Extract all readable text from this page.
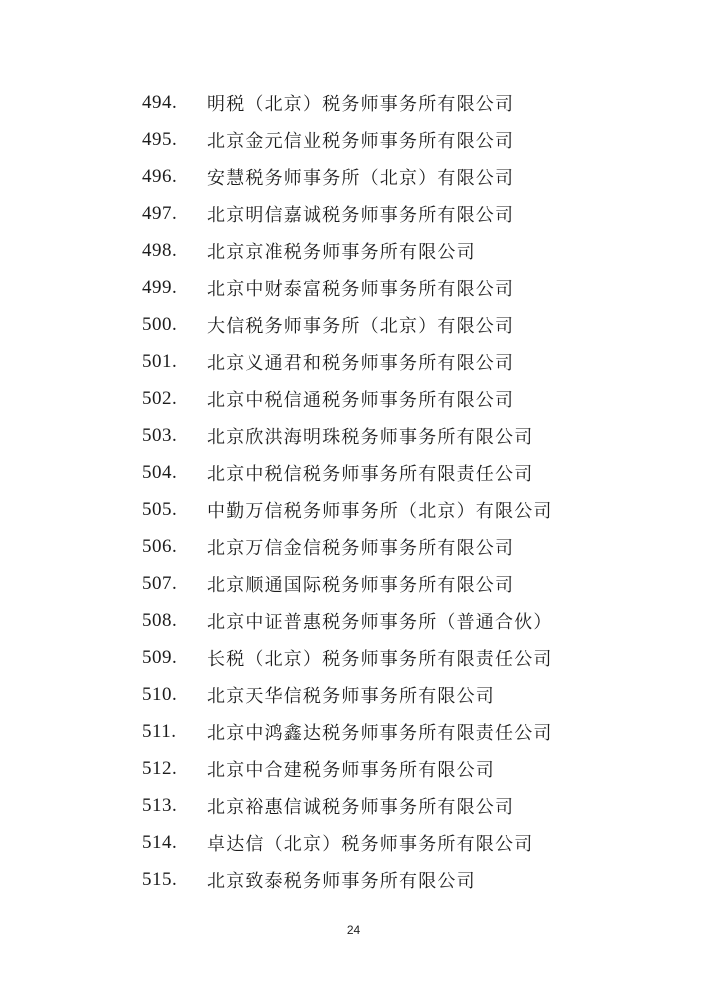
494.	明税（北京）税务师事务所有限公司
495.	北京金元信业税务师事务所有限公司
496.	安慧税务师事务所（北京）有限公司
497.	北京明信嘉诚税务师事务所有限公司
498.	北京京准税务师事务所有限公司
499.	北京中财泰富税务师事务所有限公司
500.	大信税务师事务所（北京）有限公司
501.	北京义通君和税务师事务所有限公司
502.	北京中税信通税务师事务所有限公司
503.	北京欣洪海明珠税务师事务所有限公司
504.	北京中税信税务师事务所有限责任公司
505.	中勤万信税务师事务所（北京）有限公司
506.	北京万信金信税务师事务所有限公司
507.	北京顺通国际税务师事务所有限公司
508.	北京中证普惠税务师事务所（普通合伙）
509.	长税（北京）税务师事务所有限责任公司
510.	北京天华信税务师事务所有限公司
511.	北京中鸿鑫达税务师事务所有限责任公司
512.	北京中合建税务师事务所有限公司
513.	北京裕惠信诚税务师事务所有限公司
514.	卓达信（北京）税务师事务所有限公司
515.	北京致泰税务师事务所有限公司
24
